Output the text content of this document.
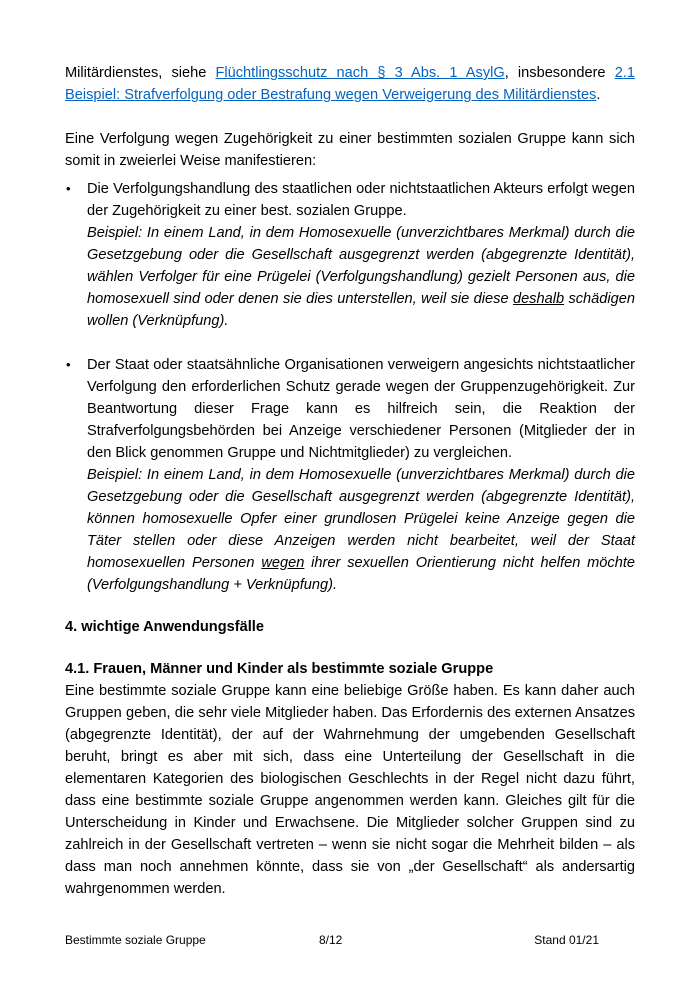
Militärdienstes, siehe Flüchtlingsschutz nach § 3 Abs. 1 AsylG, insbesondere 2.1 Beispiel: Strafverfolgung oder Bestrafung wegen Verweigerung des Militärdienstes.

Eine Verfolgung wegen Zugehörigkeit zu einer bestimmten sozialen Gruppe kann sich somit in zweierlei Weise manifestieren:

• Die Verfolgungshandlung des staatlichen oder nichtstaatlichen Akteurs erfolgt wegen der Zugehörigkeit zu einer best. sozialen Gruppe.

Beispiel: In einem Land, in dem Homosexuelle (unverzichtbares Merkmal) durch die Gesetzgebung oder die Gesellschaft ausgegrenzt werden (abgegrenzte Identität), wählen Verfolger für eine Prügelei (Verfolgungshandlung) gezielt Personen aus, die homosexuell sind oder denen sie dies unterstellen, weil sie diese deshalb schädigen wollen (Verknüpfung).

• Der Staat oder staatsähnliche Organisationen verweigern angesichts nichtstaatlicher Verfolgung den erforderlichen Schutz gerade wegen der Gruppenzugehörigkeit. Zur Beantwortung dieser Frage kann es hilfreich sein, die Reaktion der Strafverfolgungsbehörden bei Anzeige verschiedener Personen (Mitglieder der in den Blick genommen Gruppe und Nichtmitglieder) zu vergleichen.

Beispiel: In einem Land, in dem Homosexuelle (unverzichtbares Merkmal) durch die Gesetzgebung oder die Gesellschaft ausgegrenzt werden (abgegrenzte Identität), können homosexuelle Opfer einer grundlosen Prügelei keine Anzeige gegen die Täter stellen oder diese Anzeigen werden nicht bearbeitet, weil der Staat homosexuellen Personen wegen ihrer sexuellen Orientierung nicht helfen möchte (Verfolgungshandlung + Verknüpfung).

4. wichtige Anwendungsfälle
4.1. Frauen, Männer und Kinder als bestimmte soziale Gruppe

Eine bestimmte soziale Gruppe kann eine beliebige Größe haben. Es kann daher auch Gruppen geben, die sehr viele Mitglieder haben. Das Erfordernis des externen Ansatzes (abgegrenzte Identität), der auf der Wahrnehmung der umgebenden Gesellschaft beruht, bringt es aber mit sich, dass eine Unterteilung der Gesellschaft in die elementaren Kategorien des biologischen Geschlechts in der Regel nicht dazu führt, dass eine bestimmte soziale Gruppe angenommen werden kann. Gleiches gilt für die Unterscheidung in Kinder und Erwachsene. Die Mitglieder solcher Gruppen sind zu zahlreich in der Gesellschaft vertreten – wenn sie nicht sogar die Mehrheit bilden – als dass man noch annehmen könnte, dass sie von „der Gesellschaft“ als andersartig wahrgenommen werden.

Bestimmte soziale Gruppe	8/12	Stand 01/21
